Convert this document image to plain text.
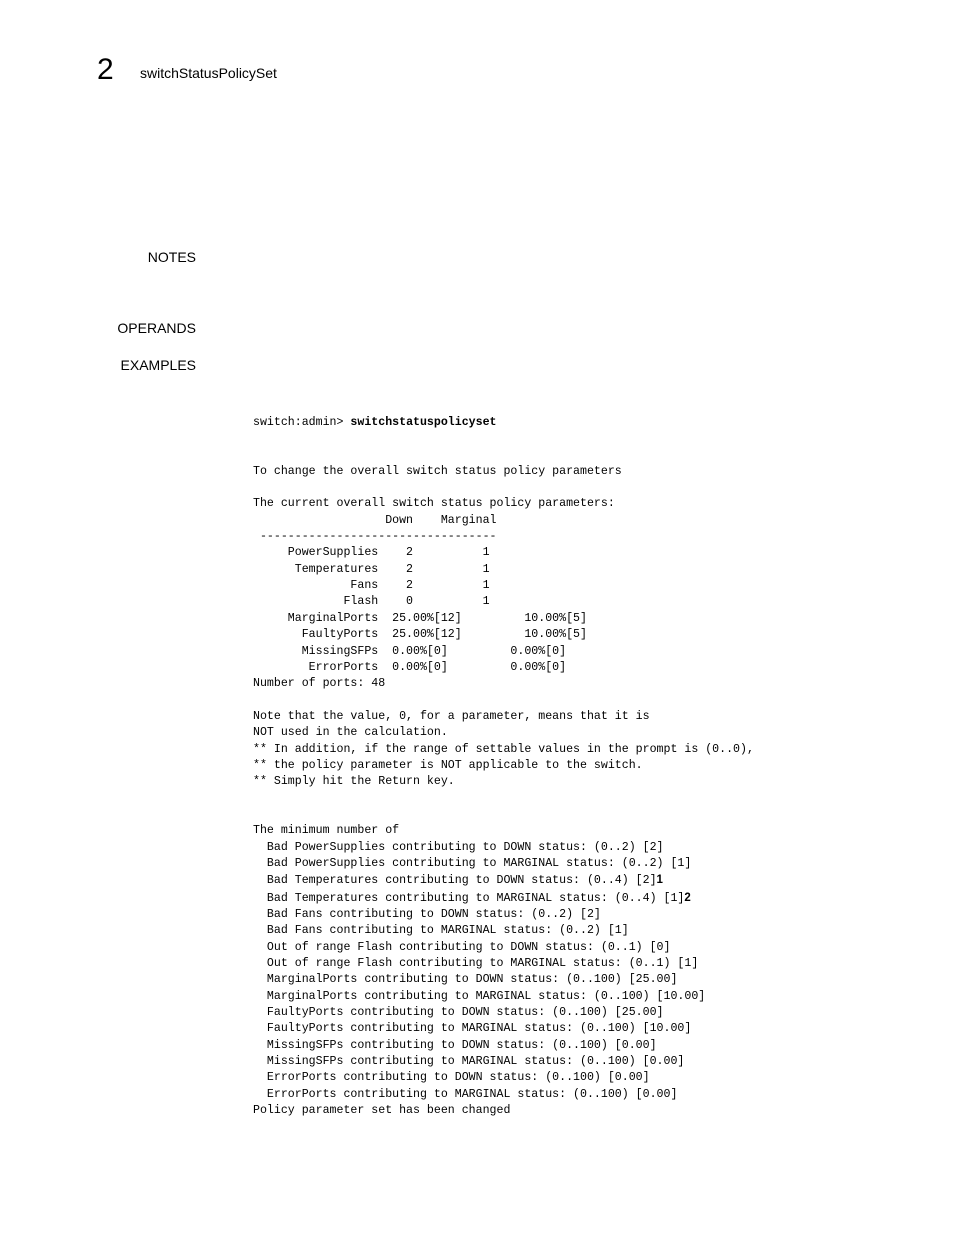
2 switchStatusPolicySet
NOTES
OPERANDS
EXAMPLES

switch:admin> switchstatuspolicyset

To change the overall switch status policy parameters
The current overall switch status policy parameters:
Down    Marginal
----------------------------------
PowerSupplies    2          1
Temperatures    2          1
Fans    2          1
Flash    0          1
MarginalPorts  25.00%[12]         10.00%[5]
FaultyPorts  25.00%[12]         10.00%[5]
MissingSFPs  0.00%[0]         0.00%[0]
ErrorPorts  0.00%[0]         0.00%[0]
Number of ports: 48
Note that the value, 0, for a parameter, means that it is
NOT used in the calculation.
** In addition, if the range of settable values in the prompt is (0..0),
** the policy parameter is NOT applicable to the switch.
** Simply hit the Return key.
The minimum number of
Bad PowerSupplies contributing to DOWN status: (0..2) [2]
Bad PowerSupplies contributing to MARGINAL status: (0..2) [1]
Bad Temperatures contributing to DOWN status: (0..4) [2]1
Bad Temperatures contributing to MARGINAL status: (0..4) [1]2
Bad Fans contributing to DOWN status: (0..2) [2]
Bad Fans contributing to MARGINAL status: (0..2) [1]
Out of range Flash contributing to DOWN status: (0..1) [0]
Out of range Flash contributing to MARGINAL status: (0..1) [1]
MarginalPorts contributing to DOWN status: (0..100) [25.00]
MarginalPorts contributing to MARGINAL status: (0..100) [10.00]
FaultyPorts contributing to DOWN status: (0..100) [25.00]
FaultyPorts contributing to MARGINAL status: (0..100) [10.00]
MissingSFPs contributing to DOWN status: (0..100) [0.00]
MissingSFPs contributing to MARGINAL status: (0..100) [0.00]
ErrorPorts contributing to DOWN status: (0..100) [0.00]
ErrorPorts contributing to MARGINAL status: (0..100) [0.00]
Policy parameter set has been changed
